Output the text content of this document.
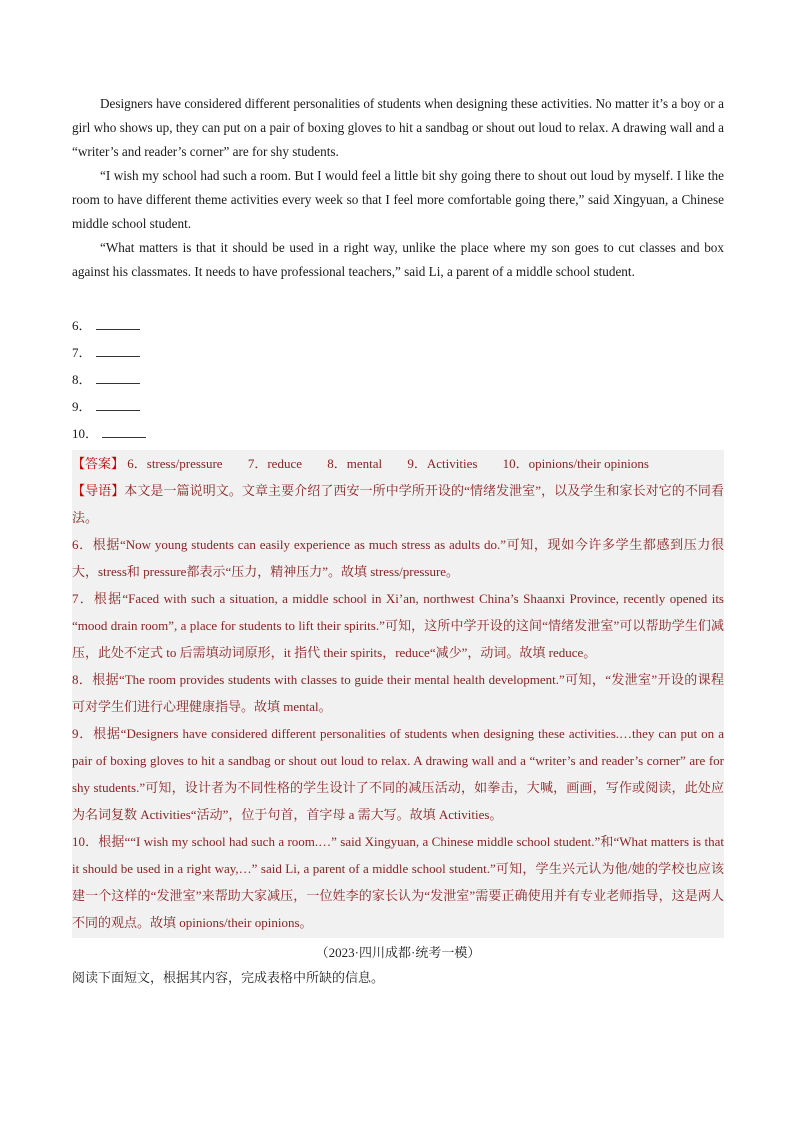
Designers have considered different personalities of students when designing these activities. No matter it’s a boy or a girl who shows up, they can put on a pair of boxing gloves to hit a sandbag or shout out loud to relax. A drawing wall and a “writer’s and reader’s corner” are for shy students.

“I wish my school had such a room. But I would feel a little bit shy going there to shout out loud by myself. I like the room to have different theme activities every week so that I feel more comfortable going there,” said Xingyuan, a Chinese middle school student.

“What matters is that it should be used in a right way, unlike the place where my son goes to cut classes and box against his classmates. It needs to have professional teachers,” said Li, a parent of a middle school student.

6．
7．
8．
9．
10．
【答案】 6．stress/pressure 7．reduce 8．mental 9．Activities 10．opinions/their opinions
【导语】本文是一篇说明文。文章主要介绍了西安一所中学所开设的“情绪发泄室”，以及学生和家长对它的不同看法。
6．根据“Now young students can easily experience as much stress as adults do.”可知，现如今许多学生都感到压力很大，stress和 pressure都表示“压力，精神压力”。故填 stress/pressure。
7．根据“Faced with such a situation, a middle school in Xi’an, northwest China’s Shaanxi Province, recently opened its “mood drain room”, a place for students to lift their spirits.”可知，这所中学开设的这间“情绪发泄室”可以帮助学生们减压，此处不定式 to 后需填动词原形，it 指代 their spirits，reduce“减少”，动词。故填 reduce。
8．根据“The room provides students with classes to guide their mental health development.”可知，“发泄室”开设的课程可对学生们进行心理健康指导。故填 mental。
9．根据“Designers have considered different personalities of students when designing these activities.…they can put on a pair of boxing gloves to hit a sandbag or shout out loud to relax. A drawing wall and a “writer’s and reader’s corner” are for shy students.”可知，设计者为不同性格的学生设计了不同的减压活动，如拳击，大喊，画画，写作或阅读，此处应为名词复数 Activities“活动”，位于句首，首字母 a 需大写。故填 Activities。
10．根据““I wish my school had such a room.…” said Xingyuan, a Chinese middle school student.”和“What matters is that it should be used in a right way,…” said Li, a parent of a middle school student.”可知，学生兴元认为他/她的学校也应该建一个这样的“发泄室”来帮助大家减压，一位姓李的家长认为“发泄室”需要正确使用并有专业老师指导，这是两人不同的观点。故填 opinions/their opinions。
（2023·四川成都·统考一模）
阅读下面短文，根据其内容，完成表格中所缺的信息。
